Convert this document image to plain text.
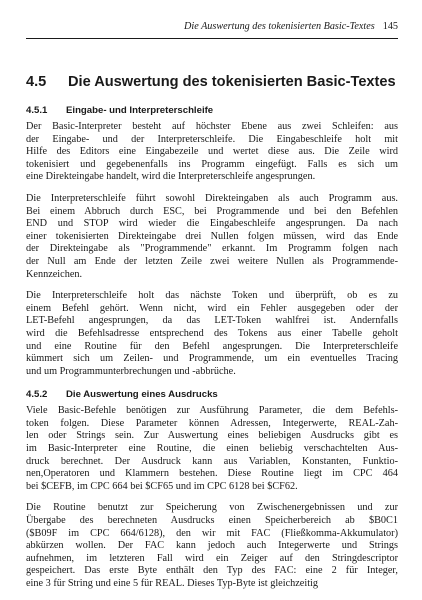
Die Auswertung des tokenisierten Basic-Textes 145
4.5 Die Auswertung des tokenisierten Basic-Textes
4.5.1 Eingabe- und Interpreterschleife

Der Basic-Interpreter besteht auf höchster Ebene aus zwei Schleifen: aus
der Eingabe- und der Interpreterschleife. Die Eingabeschleife holt mit
Hilfe des Editors eine Eingabezeile und wertet diese aus. Die Zeile wird
tokenisiert und gegebenenfalls ins Programm eingefügt. Falls es sich um
eine Direkteingabe handelt, wird die Interpreterschleife angesprungen.

Die Interpreterschleife führt sowohl Direkteingaben als auch Programm aus.
Bei einem Abbruch durch ESC, bei Programmende und bei den Befehlen
END und STOP wird wieder die Eingabeschleife angesprungen. Da nach
einer tokenisierten Direkteingabe drei Nullen folgen müssen, wird das Ende
der Direkteingabe als "Programmende" erkannt. Im Programm folgen nach
der Null am Ende der letzten Zeile zwei weitere Nullen als Programmende-
Kennzeichen.

Die Interpreterschleife holt das nächste Token und überprüft, ob es zu
einem Befehl gehört. Wenn nicht, wird ein Fehler ausgegeben oder der
LET-Befehl angesprungen, da das LET-Token wahlfrei ist. Andernfalls
wird die Befehlsadresse entsprechend des Tokens aus einer Tabelle geholt
und eine Routine für den Befehl angesprungen. Die Interpreterschleife
kümmert sich um Zeilen- und Programmende, um ein eventuelles Tracing
und um Programmunterbrechungen und -abbrüche.

4.5.2 Die Auswertung eines Ausdrucks

Viele Basic-Befehle benötigen zur Ausführung Parameter, die dem Befehls-
token folgen. Diese Parameter können Adressen, Integerwerte, REAL-Zah-
len oder Strings sein. Zur Auswertung eines beliebigen Ausdrucks gibt es
im Basic-Interpreter eine Routine, die einen beliebig verschachtelten Aus-
druck berechnet. Der Ausdruck kann aus Variablen, Konstanten, Funktio-
nen,Operatoren und Klammern bestehen. Diese Routine liegt im CPC 464
bei $CEFB, im CPC 664 bei $CF65 und im CPC 6128 bei $CF62.

Die Routine benutzt zur Speicherung von Zwischenergebnissen und zur
Übergabe des berechneten Ausdrucks einen Speicherbereich ab $B0C1
($B09F im CPC 664/6128), den wir mit FAC (Fließkomma-Akkumulator)
abkürzen wollen. Der FAC kann jedoch auch Integerwerte und Strings
aufnehmen, im letzteren Fall wird ein Zeiger auf den Stringdescriptor
gespeichert. Das erste Byte enthält den Typ des FAC: eine 2 für Integer,
eine 3 für String und eine 5 für REAL. Dieses Typ-Byte ist gleichzeitig
